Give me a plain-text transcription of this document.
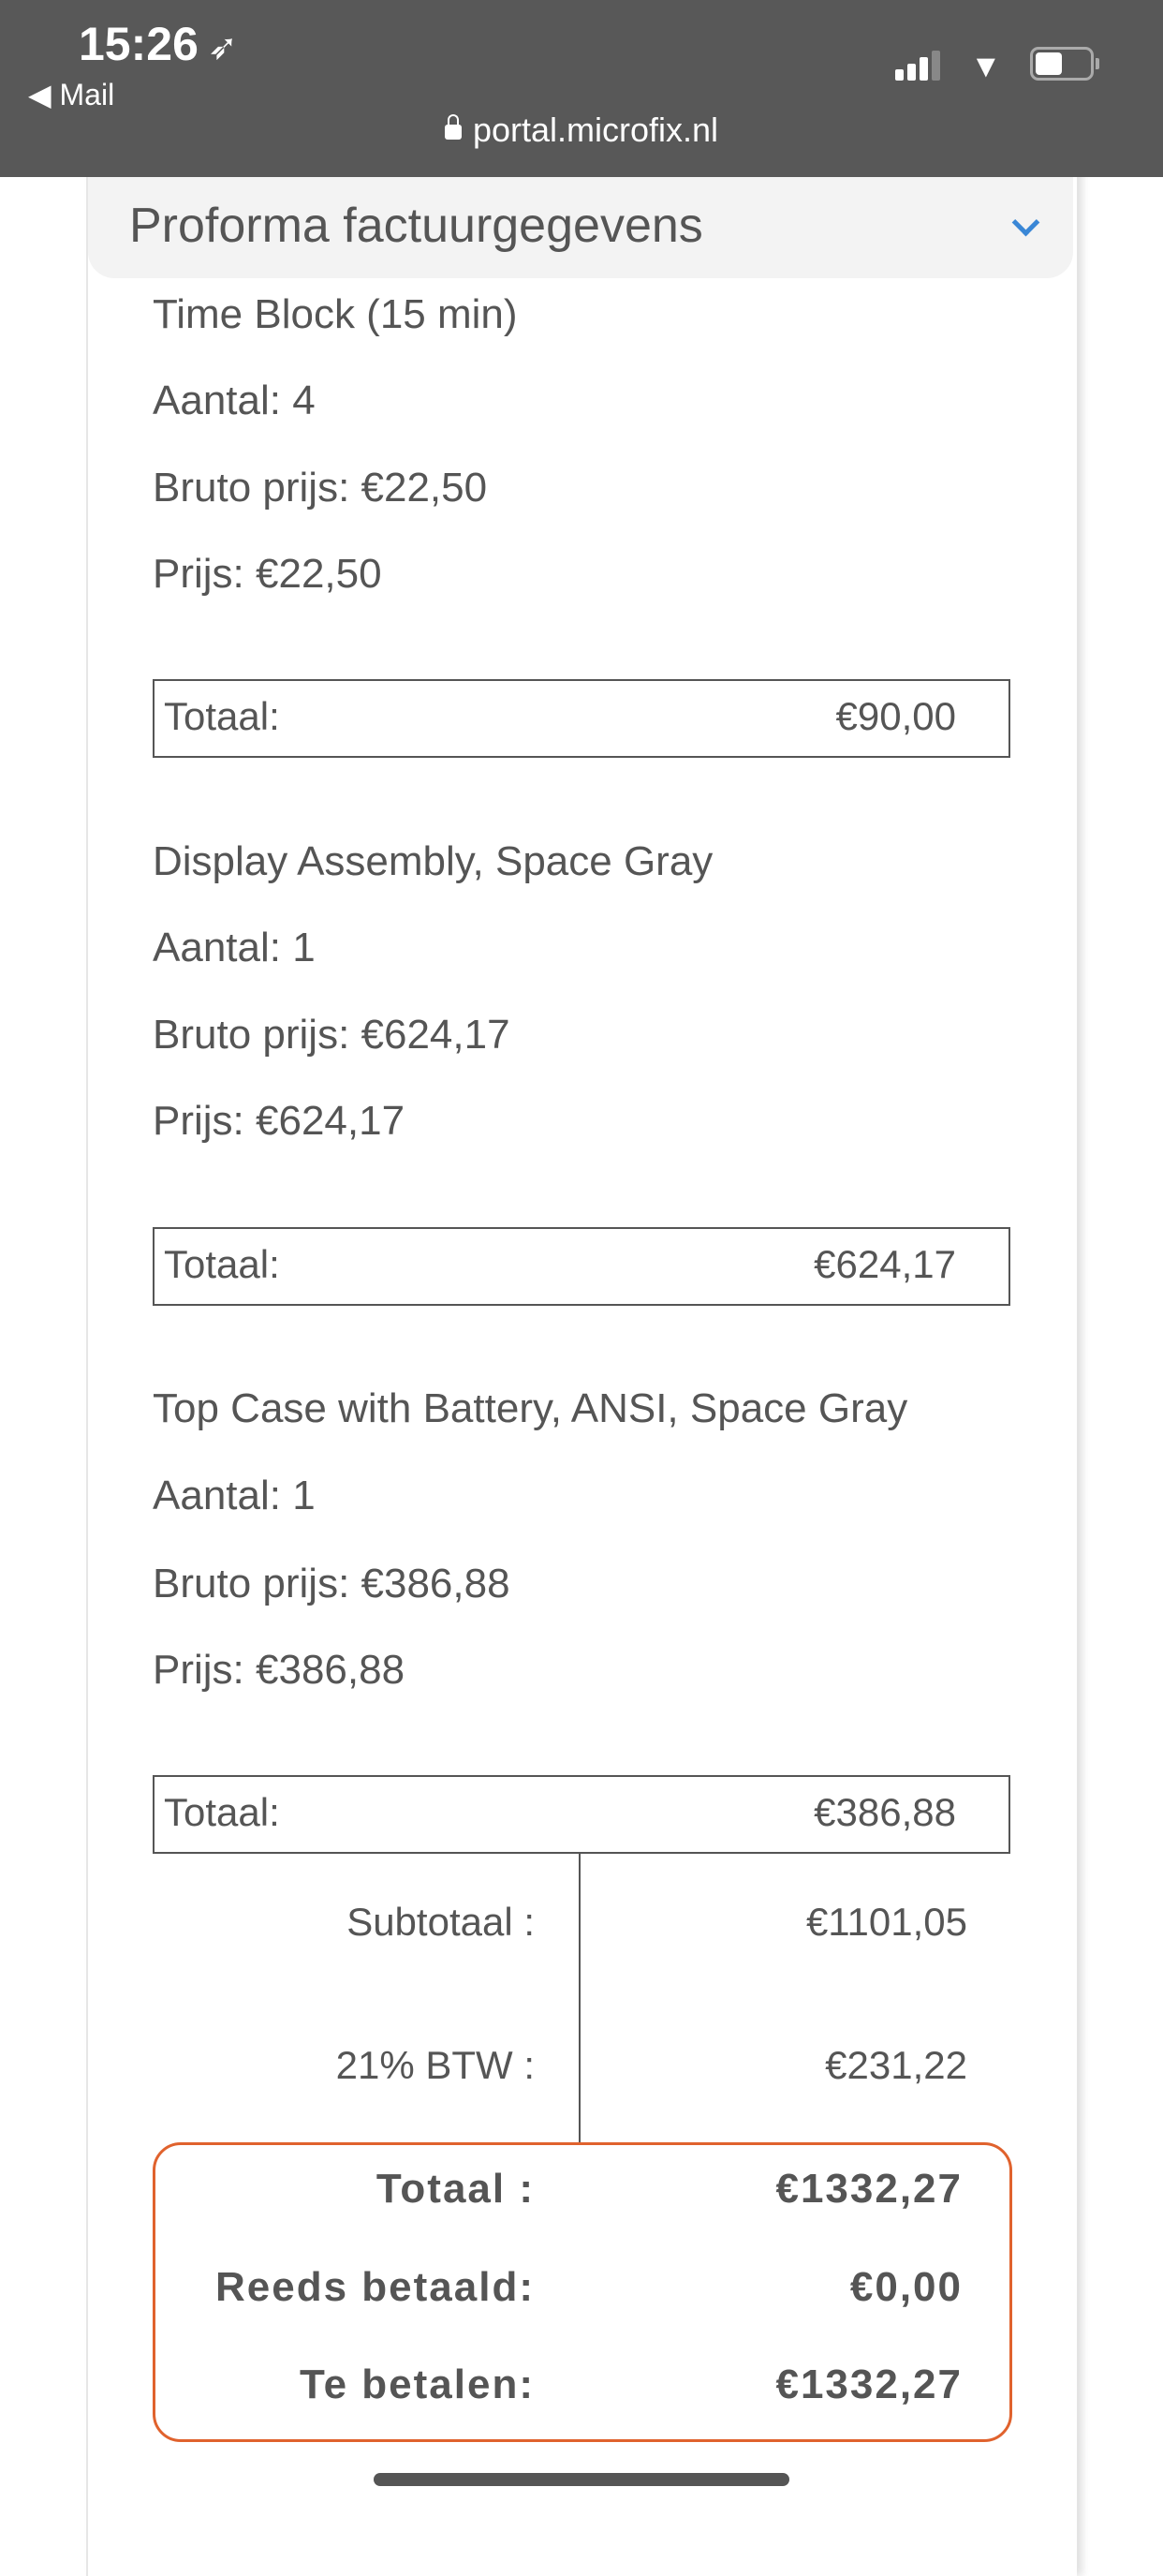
Proforma factuurgegevens
15:26 ➶
◀ Mail
▼
portal.microfix.nl
Time Block (15 min)
Aantal: 4
Bruto prijs: €22,50
Prijs: €22,50
Totaal:	€90,00
Display Assembly, Space Gray
Aantal: 1
Bruto prijs: €624,17
Prijs: €624,17
Totaal:	€624,17
Top Case with Battery, ANSI, Space Gray
Aantal: 1
Bruto prijs: €386,88
Prijs: €386,88
Totaal:	€386,88
Subtotaal :	€1101,05
21% BTW :	€231,22
Totaal :	€1332,27
Reeds betaald:	€0,00
Te betalen:	€1332,27
